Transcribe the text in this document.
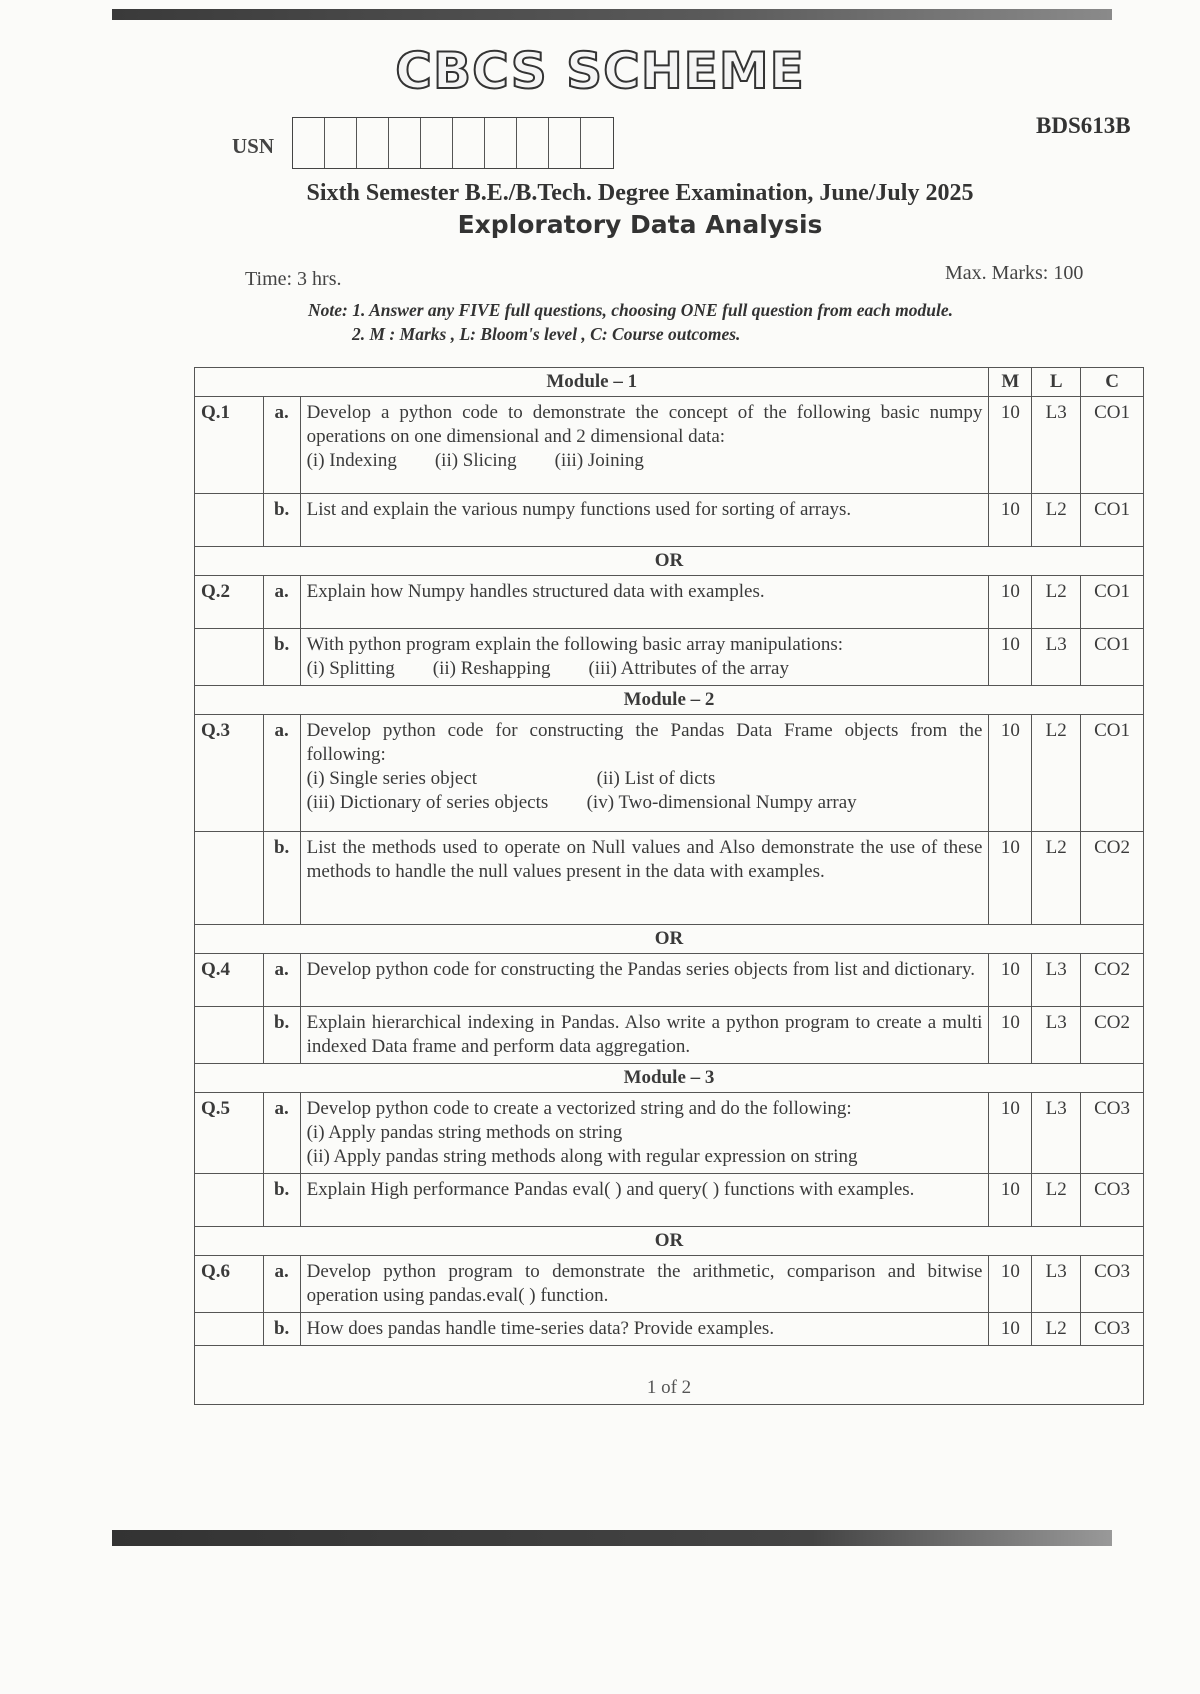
CBCS SCHEME
BDS613B
USN
Sixth Semester B.E./B.Tech. Degree Examination, June/July 2025
Exploratory Data Analysis
Time: 3 hrs.	Max. Marks: 100
Note: 1. Answer any FIVE full questions, choosing ONE full question from each module.
2. M : Marks , L: Bloom's level , C: Course outcomes.
Module – 1			M	L	C
Q.1	a.	Develop a python code to demonstrate the concept of the following basic numpy operations on one dimensional and 2 dimensional data:
(i) Indexing (ii) Slicing (iii) Joining	10	L3	CO1
	b.	List and explain the various numpy functions used for sorting of arrays.	10	L2	CO1
OR					
Q.2	a.	Explain how Numpy handles structured data with examples.	10	L2	CO1
	b.	With python program explain the following basic array manipulations:
(i) Splitting (ii) Reshapping (iii) Attributes of the array	10	L3	CO1
Module – 2					
Q.3	a.	Develop python code for constructing the Pandas Data Frame objects from the following:
(i) Single series object (ii) List of dicts
(iii) Dictionary of series objects (iv) Two-dimensional Numpy array	10	L2	CO1
	b.	List the methods used to operate on Null values and Also demonstrate the use of these methods to handle the null values present in the data with examples.	10	L2	CO2
OR					
Q.4	a.	Develop python code for constructing the Pandas series objects from list and dictionary.	10	L3	CO2
	b.	Explain hierarchical indexing in Pandas. Also write a python program to create a multi indexed Data frame and perform data aggregation.	10	L3	CO2
Module – 3					
Q.5	a.	Develop python code to create a vectorized string and do the following:
(i) Apply pandas string methods on string
(ii) Apply pandas string methods along with regular expression on string	10	L3	CO3
	b.	Explain High performance Pandas eval( ) and query( ) functions with examples.	10	L2	CO3
OR					
Q.6	a.	Develop python program to demonstrate the arithmetic, comparison and bitwise operation using pandas.eval( ) function.	10	L3	CO3
	b.	How does pandas handle time-series data? Provide examples.	10	L2	CO3
1 of 2					
